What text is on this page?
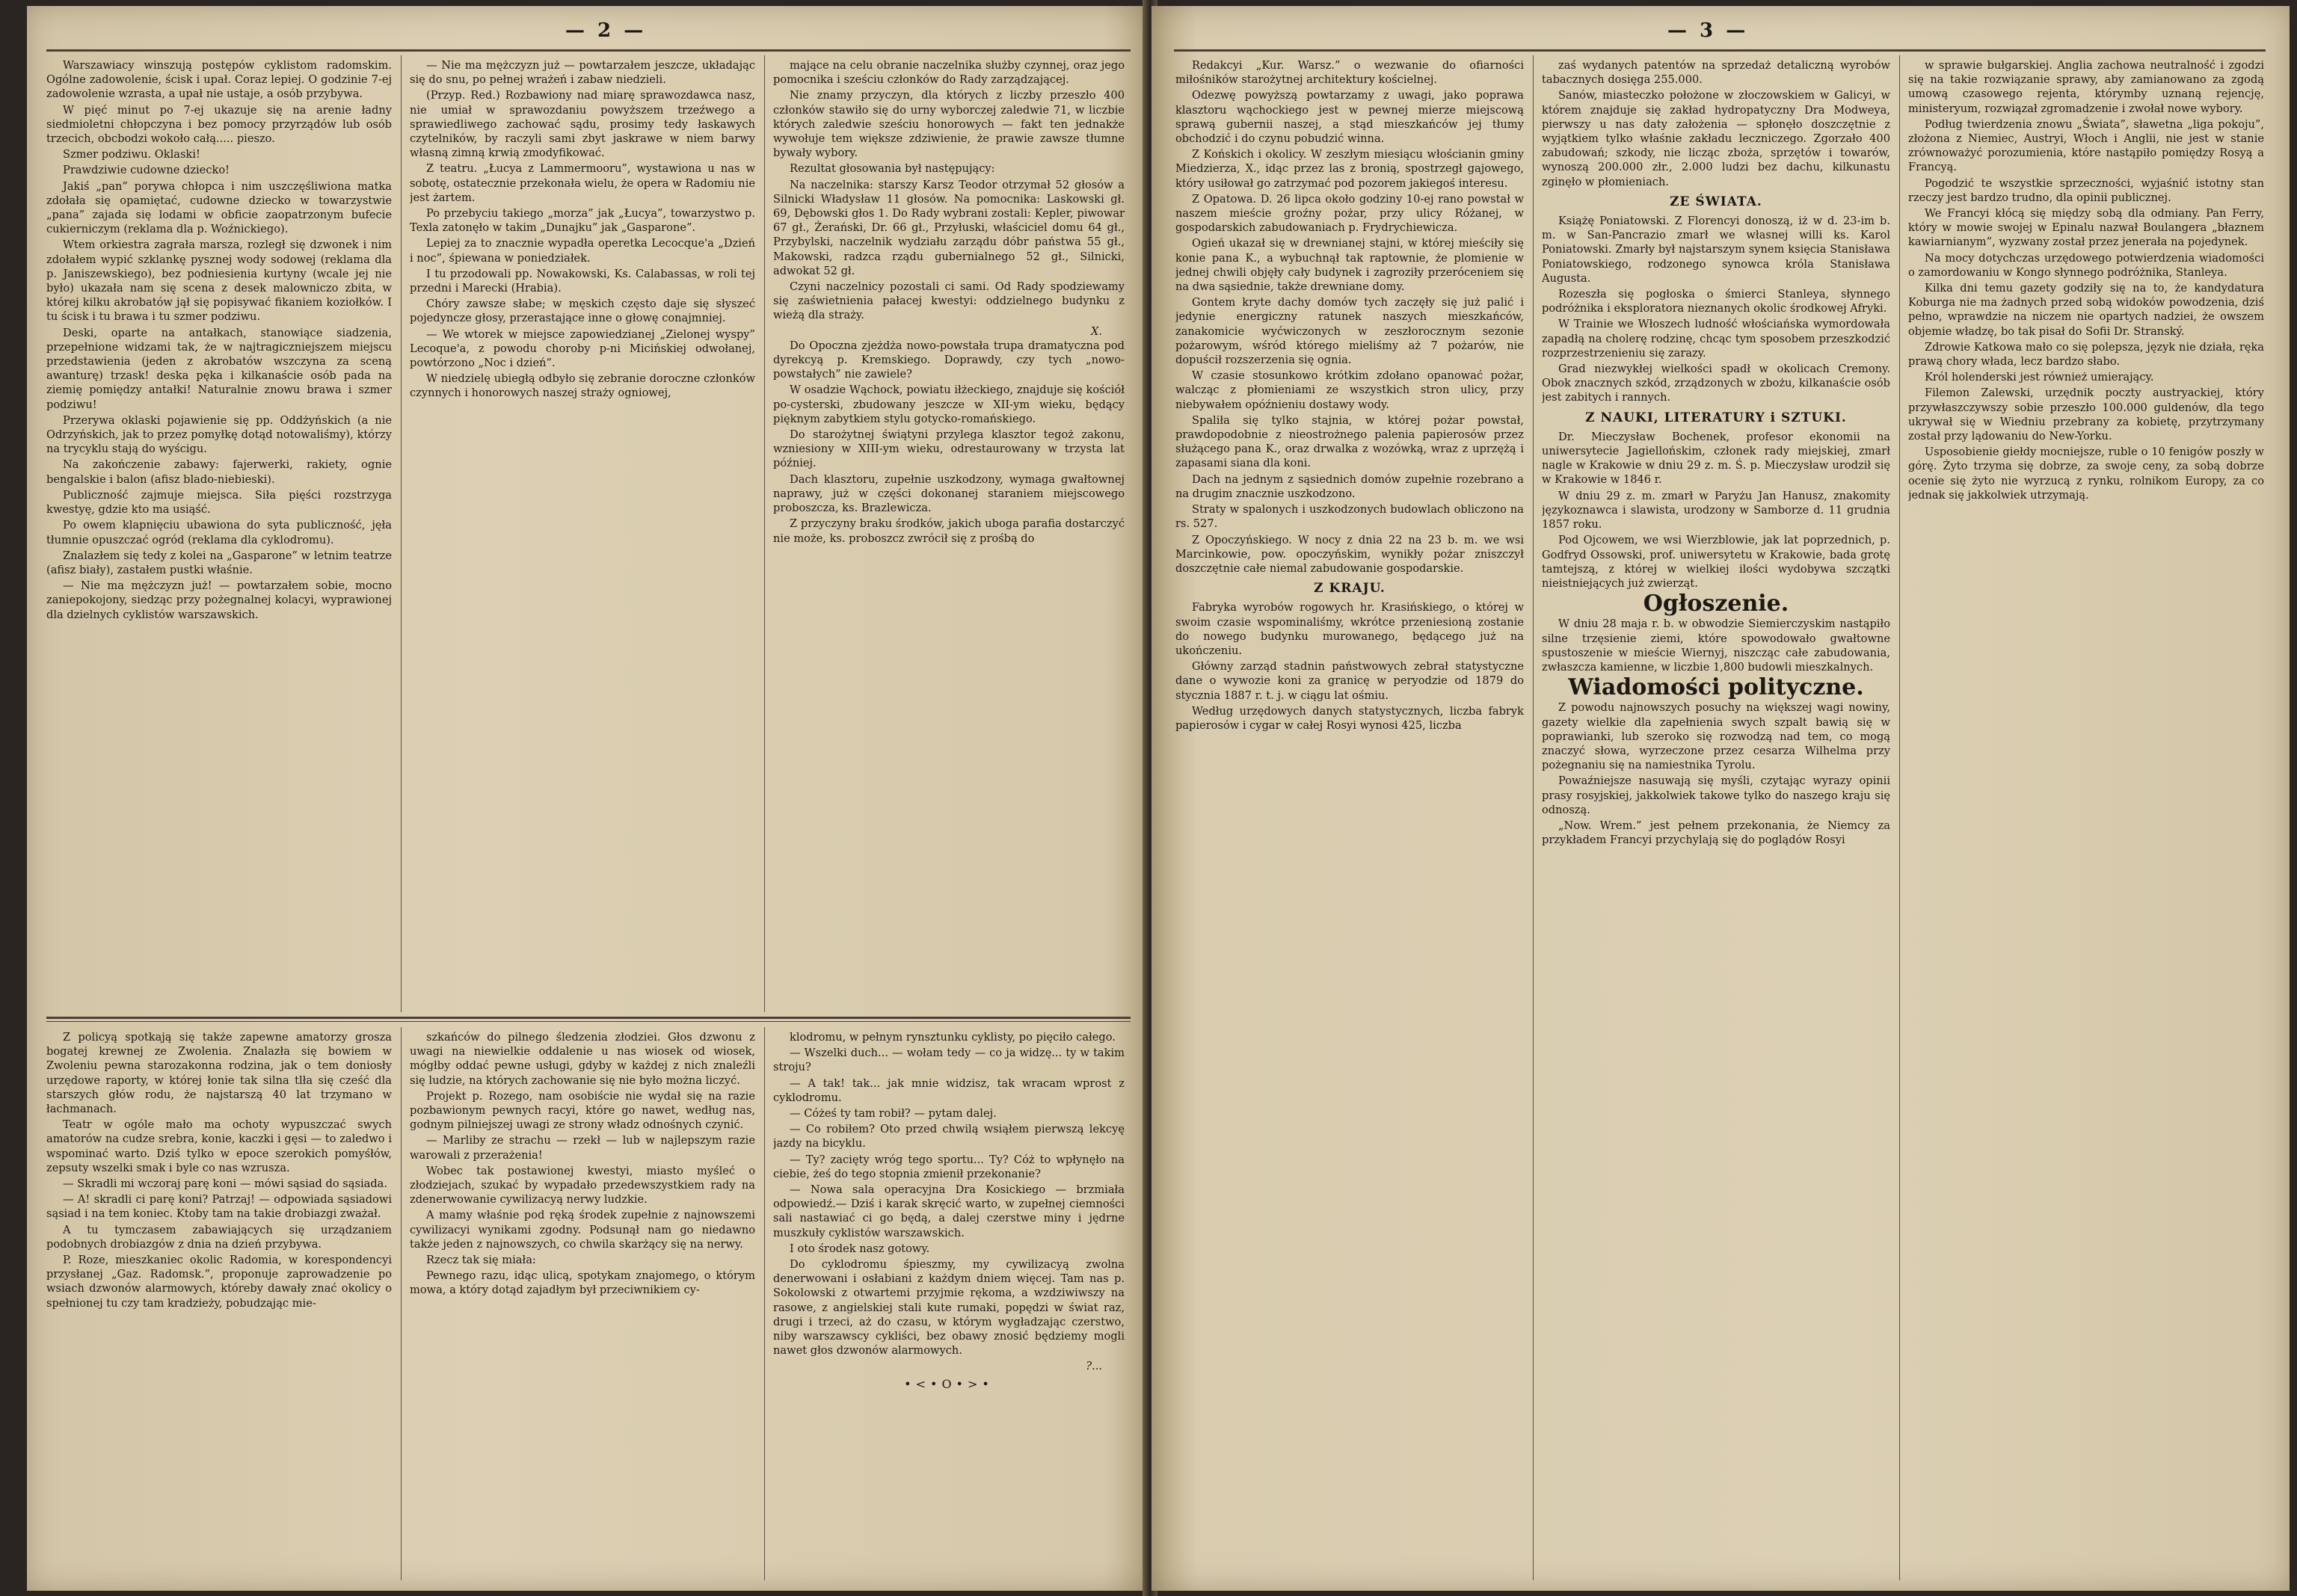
— 2 —

Warszawiacy winszują postępów cyklistom radomskim. Ogólne zadowolenie, ścisk i upał. Coraz lepiej. O godzinie 7-ej zadowolenie wzrasta, a upał nie ustaje, a osób przybywa.

W pięć minut po 7-ej ukazuje się na arenie ładny siedmioletni chłopczyna i bez pomocy przyrządów lub osób trzecich, obcbodzi wokoło całą..... pieszo.

Szmer podziwu. Oklaski!

Prawdziwie cudowne dziecko!

Jakiś „pan” porywa chłopca i nim uszczęśliwiona matka zdołała się opamiętać, cudowne dziecko w towarzystwie „pana” zajada się lodami w obficie zaopatrzonym bufecie cukierniczym (reklama dla p. Woźnickiego).

Wtem orkiestra zagrała marsza, rozległ się dzwonek i nim zdołałem wypić szklankę pysznej wody sodowej (reklama dla p. Janiszewskiego), bez podniesienia kurtyny (wcale jej nie było) ukazała nam się scena z desek malowniczo zbita, w której kilku akrobatów jął się popisywać fikaniem koziołków. I tu ścisk i tu brawa i tu szmer podziwu.

Deski, oparte na antałkach, stanowiące siadzenia, przepełnione widzami tak, że w najtragiczniejszem miejscu przedstawienia (jeden z akrobatów wszczyna za sceną awanturę) trzask! deska pęka i kilkanaście osób pada na ziemię pomiędzy antałki! Naturalnie znowu brawa i szmer podziwu!

Przerywa oklaski pojawienie się pp. Oddżyńskich (a nie Odrzyńskich, jak to przez pomyłkę dotąd notowaliśmy), którzy na trycyklu stają do wyścigu.

Na zakończenie zabawy: fajerwerki, rakiety, ognie bengalskie i balon (afisz blado-niebieski).

Publiczność zajmuje miejsca. Siła pięści rozstrzyga kwestyę, gdzie kto ma usiąść.

Po owem klapnięciu ubawiona do syta publiczność, jęła tłumnie opuszczać ogród (reklama dla cyklodromu).

Znalazłem się tedy z kolei na „Gasparone” w letnim teatrze (afisz biały), zastałem pustki właśnie.

— Nie ma mężczyzn już! — powtarzałem sobie, mocno zaniepokojony, siedząc przy pożegnalnej kolacyi, wyprawionej dla dzielnych cyklistów warszawskich.

— Nie ma mężczyzn już — powtarzałem jeszcze, układając się do snu, po pełnej wrażeń i zabaw niedzieli.

(Przyp. Red.) Rozbawiony nad miarę sprawozdawca nasz, nie umiał w sprawozdaniu powyższem trzeźwego a sprawiedliwego zachować sądu, prosimy tedy łaskawych czytelników, by raczyli sami zbyt jaskrawe w niem barwy własną zimną krwią zmodyfikować.

Z teatru. „Łucya z Lammermooru”, wystawiona u nas w sobotę, ostatecznie przekonała wielu, że opera w Radomiu nie jest żartem.

Po przebyciu takiego „morza” jak „Łucya”, towarzystwo p. Texla zatonęło w takim „Dunajku” jak „Gasparone”.

Lepiej za to znacznie wypadła operetka Lecocque'a „Dzień i noc”, śpiewana w poniedziałek.

I tu przodowali pp. Nowakowski, Ks. Calabassas, w roli tej przedni i Marecki (Hrabia).

Chóry zawsze słabe; w męskich często daje się słyszeć pojedyncze głosy, przerastające inne o głowę conajmniej.

— We wtorek w miejsce zapowiedzianej „Zielonej wyspy” Lecoque'a, z powodu choroby p-ni Micińskiej odwołanej, powtórzono „Noc i dzień”.

W niedzielę ubiegłą odbyło się zebranie doroczne członków czynnych i honorowych naszej straży ogniowej,

mające na celu obranie naczelnika służby czynnej, oraz jego pomocnika i sześciu członków do Rady zarządzającej.

Nie znamy przyczyn, dla których z liczby przeszło 400 członków stawiło się do urny wyborczej zaledwie 71, w liczbie których zaledwie sześciu honorowych — fakt ten jednakże wywołuje tem większe zdziwienie, że prawie zawsze tłumne bywały wybory.

Rezultat głosowania był następujący:

Na naczelnika: starszy Karsz Teodor otrzymał 52 głosów a Silnicki Władysław 11 głosów. Na pomocnika: Laskowski gł. 69, Dębowski głos 1. Do Rady wybrani zostali: Kepler, piwowar 67 gł., Żerański, Dr. 66 gł., Przyłuski, właściciel domu 64 gł., Przybylski, naczelnik wydziału zarządu dóbr państwa 55 gł., Makowski, radzca rządu gubernialnego 52 gł., Silnicki, adwokat 52 gł.

Czyni naczelnicy pozostali ci sami. Od Rady spodziewamy się zaświetnienia pałacej kwestyi: oddzielnego budynku z wieżą dla straży.

X.

Do Opoczna zjeżdża nowo-powstała trupa dramatyczna pod dyrekcyą p. Kremskiego. Doprawdy, czy tych „nowo-powstałych” nie zawiele?

W osadzie Wąchock, powiatu iłżeckiego, znajduje się kościół po-cysterski, zbudowany jeszcze w XII-ym wieku, będący pięknym zabytkiem stylu gotycko-romańskiego.

Do starożytnej świątyni przylega klasztor tegoż zakonu, wzniesiony w XIII-ym wieku, odrestaurowany w trzysta lat później.

Dach klasztoru, zupełnie uszkodzony, wymaga gwałtownej naprawy, już w części dokonanej staraniem miejscowego proboszcza, ks. Brazlewicza.

Z przyczyny braku środków, jakich uboga parafia dostarczyć nie może, ks. proboszcz zwrócił się z prośbą do

Z policyą spotkają się także zapewne amatorzy grosza bogatej krewnej ze Zwolenia. Znalazła się bowiem w Zwoleniu pewna starozakonna rodzina, jak o tem doniosły urzędowe raporty, w której łonie tak silna tlła się cześć dla starszych głów rodu, że najstarszą 40 lat trzymano w łachmanach.

Teatr w ogóle mało ma ochoty wypuszczać swych amatorów na cudze srebra, konie, kaczki i gęsi — to zaledwo i wspominać warto. Dziś tylko w epoce szerokich pomyśłów, zepsuty wszelki smak i byle co nas wzrusza.

— Skradli mi wczoraj parę koni — mówi sąsiad do sąsiada.

— A! skradli ci parę koni? Patrzaj! — odpowiada sąsiadowi sąsiad i na tem koniec. Ktoby tam na takie drobiazgi zważał.

A tu tymczasem zabawiających się urządzaniem podobnych drobiazgów z dnia na dzień przybywa.

P. Roze, mieszkaniec okolic Radomia, w korespondencyi przysłanej „Gaz. Radomsk.”, proponuje zaprowadzenie po wsiach dzwonów alarmowych, któreby dawały znać okolicy o spełnionej tu czy tam kradzieży, pobudzając mie-

szkańców do pilnego śledzenia złodziei. Głos dzwonu z uwagi na niewielkie oddalenie u nas wiosek od wiosek, mógłby oddać pewne usługi, gdyby w każdej z nich znaleźli się ludzie, na których zachowanie się nie było można liczyć.

Projekt p. Rozego, nam osobiście nie wydał się na razie pozbawionym pewnych racyi, które go nawet, według nas, godnym pilniejszej uwagi ze strony władz odnośnych czynić.

— Marliby ze strachu — rzekł — lub w najlepszym razie warowali z przerażenia!

Wobec tak postawionej kwestyi, miasto myśleć o złodziejach, szukać by wypadało przedewszystkiem rady na zdenerwowanie cywilizacyą nerwy ludzkie.

A mamy właśnie pod ręką środek zupełnie z najnowszemi cywilizacyi wynikami zgodny. Podsunął nam go niedawno także jeden z najnowszych, co chwila skarżący się na nerwy.

Rzecz tak się miała:

Pewnego razu, idąc ulicą, spotykam znajomego, o którym mowa, a który dotąd zajadłym był przeciwnikiem cy-

klodromu, w pełnym rynsztunku cyklisty, po pięciło całego.

— Wszelki duch... — wołam tedy — co ja widzę... ty w takim stroju?

— A tak! tak... jak mnie widzisz, tak wracam wprost z cyklodromu.

— Cóżeś ty tam robił? — pytam dalej.

— Co robiłem? Oto przed chwilą wsiąłem pierwszą lekcyę jazdy na bicyklu.

— Ty? zacięty wróg tego sportu... Ty? Cóż to wpłynęło na ciebie, żeś do tego stopnia zmienił przekonanie?

— Nowa sala operacyjna Dra Kosickiego — brzmiała odpowiedź.— Dziś i karak skręcić warto, w zupełnej ciemności sali nastawiać ci go będą, a dalej czerstwe miny i jędrne muszkuły cyklistów warszawskich.

I oto środek nasz gotowy.

Do cyklodromu śpieszmy, my cywilizacyą zwolna denerwowani i osłabiani z każdym dniem więcej. Tam nas p. Sokolowski z otwartemi przyjmie rękoma, a wzdziwiwszy na rasowe, z angielskiej stali kute rumaki, popędzi w świat raz, drugi i trzeci, aż do czasu, w którym wygładzając czerstwo, niby warszawscy cykliści, bez obawy znosić będziemy mogli nawet głos dzwonów alarmowych.

?...
•<•O•>•
— 3 —

Redakcyi „Kur. Warsz.” o wezwanie do ofiarności miłośników starożytnej architektury kościelnej.

Odezwę powyższą powtarzamy z uwagi, jako poprawa klasztoru wąchockiego jest w pewnej mierze miejscową sprawą gubernii naszej, a stąd mieszkańców jej tłumy obchodzić i do czynu pobudzić winna.

Z Końskich i okolicy. W zeszłym miesiącu włościanin gminy Miedzierza, X., idąc przez las z bronią, spostrzegł gajowego, który usiłował go zatrzymać pod pozorem jakiegoś interesu.

Z Opatowa. D. 26 lipca około godziny 10-ej rano powstał w naszem mieście groźny pożar, przy ulicy Różanej, w gospodarskich zabudowaniach p. Frydrychiewicza.

Ogień ukazał się w drewnianej stajni, w której mieściły się konie pana K., a wybuchnął tak raptownie, że plomienie w jednej chwili objęły cały budynek i zagroziły przeróceniem się na dwa sąsiednie, także drewniane domy.

Gontem kryte dachy domów tych zaczęły się już palić i jedynie energiczny ratunek naszych mieszkańców, zanakomicie wyćwiczonych w zeszłorocznym sezonie pożarowym, wśród którego mieliśmy aż 7 pożarów, nie dopuścił rozszerzenia się ognia.

W czasie stosunkowo krótkim zdołano opanować pożar, walcząc z płomieniami ze wszystkich stron ulicy, przy niebywałem opóźnieniu dostawy wody.

Spaliła się tylko stajnia, w której pożar powstał, prawdopodobnie z nieostrożnego palenia papierosów przez służącego pana K., oraz drwalka z wozówką, wraz z uprzężą i zapasami siana dla koni.

Dach na jednym z sąsiednich domów zupełnie rozebrano a na drugim znacznie uszkodzono.

Straty w spalonych i uszkodzonych budowlach obliczono na rs. 527.

Z Opoczyńskiego. W nocy z dnia 22 na 23 b. m. we wsi Marcinkowie, pow. opoczyńskim, wynikły pożar zniszczył doszczętnie całe niemal zabudowanie gospodarskie.

Z KRAJU.

Fabryka wyrobów rogowych hr. Krasińskiego, o której w swoim czasie wspominaliśmy, wkrótce przeniesioną zostanie do nowego budynku murowanego, będącego już na ukończeniu.

Główny zarząd stadnin państwowych zebrał statystyczne dane o wywozie koni za granicę w peryodzie od 1879 do stycznia 1887 r. t. j. w ciągu lat ośmiu.

Według urzędowych danych statystycznych, liczba fabryk papierosów i cygar w całej Rosyi wynosi 425, liczba

zaś wydanych patentów na sprzedaż detaliczną wyrobów tabacznych dosięga 255.000.

Sanów, miasteczko położone w złoczowskiem w Galicyi, w którem znajduje się zakład hydropatyczny Dra Modweya, pierwszy u nas daty założenia — spłonęło doszczętnie z wyjątkiem tylko właśnie zakładu leczniczego. Zgorzało 400 zabudowań; szkody, nie licząc zboża, sprzętów i towarów, wynoszą 200.000 złr., 2.000 ludzi bez dachu, kilkunastu zginęło w płomieniach.

ZE ŚWIATA.

Książę Poniatowski. Z Florencyi donoszą, iż w d. 23-im b. m. w San-Pancrazio zmarł we własnej willi ks. Karol Poniatowski. Zmarły był najstarszym synem księcia Stanisława Poniatowskiego, rodzonego synowca króla Stanisława Augusta.

Rozeszła się pogłoska o śmierci Stanleya, słynnego podróżnika i eksploratora nieznanych okolic środkowej Afryki.

W Trainie we Włoszech ludność włościańska wymordowała zapadłą na cholerę rodzinę, chcąc tym sposobem przeszkodzić rozprzestrzenieniu się zarazy.

Grad niezwykłej wielkości spadł w okolicach Cremony. Obok znacznych szkód, zrządzonych w zbożu, kilkanaście osób jest zabitych i rannych.

Z NAUKI, LITERATURY i SZTUKI.

Dr. Mieczysław Bochenek, profesor ekonomii na uniwersytecie Jagiellońskim, członek rady miejskiej, zmarł nagle w Krakowie w dniu 29 z. m. Ś. p. Mieczysław urodził się w Krakowie w 1846 r.

W dniu 29 z. m. zmarł w Paryżu Jan Hanusz, znakomity językoznawca i slawista, urodzony w Samborze d. 11 grudnia 1857 roku.

Pod Ojcowem, we wsi Wierzblowie, jak lat poprzednich, p. Godfryd Ossowski, prof. uniwersytetu w Krakowie, bada grotę tamtejszą, z której w wielkiej ilości wydobywa szczątki nieistniejących już zwierząt.

Ogłoszenie.

W dniu 28 maja r. b. w obwodzie Siemierczyskim nastąpiło silne trzęsienie ziemi, które spowodowało gwałtowne spustoszenie w mieście Wiernyj, niszcząc całe zabudowania, zwłaszcza kamienne, w liczbie 1,800 budowli mieszkalnych.

Wiadomości polityczne.

Z powodu najnowszych posuchy na większej wagi nowiny, gazety wielkie dla zapełnienia swych szpalt bawią się w poprawianki, lub szeroko się rozwodzą nad tem, co mogą znaczyć słowa, wyrzeczone przez cesarza Wilhelma przy pożegnaniu się na namiestnika Tyrolu.

Powaźniejsze nasuwają się myśli, czytając wyrazy opinii prasy rosyjskiej, jakkolwiek takowe tylko do naszego kraju się odnoszą.

„Now. Wrem.” jest pełnem przekonania, że Niemcy za przykładem Francyi przychylają się do poglądów Rosyi

w sprawie bułgarskiej. Anglia zachowa neutralność i zgodzi się na takie rozwiązanie sprawy, aby zamianowano za zgodą umową czasowego rejenta, którymby uznaną rejencję, ministeryum, rozwiązał zgromadzenie i zwołał nowe wybory.

Podług twierdzenia znowu „Świata”, sławetna „liga pokoju”, złożona z Niemiec, Austryi, Włoch i Anglii, nie jest w stanie zrównoważyć porozumienia, które nastąpiło pomiędzy Rosyą a Francyą.

Pogodzić te wszystkie sprzeczności, wyjaśnić istotny stan rzeczy jest bardzo trudno, dla opinii publicznej.

We Francyi kłócą się między sobą dla odmiany. Pan Ferry, który w mowie swojej w Epinalu nazwał Boulangera „błaznem kawiarnianym”, wyzwany został przez jenerała na pojedynek.

Na mocy dotychczas urzędowego potwierdzenia wiadomości o zamordowaniu w Kongo słynnego podróżnika, Stanleya.

Kilka dni temu gazety godziły się na to, że kandydatura Koburga nie ma żadnych przed sobą widoków powodzenia, dziś pełno, wprawdzie na niczem nie opartych nadziei, że owszem objemie władzę, bo tak pisał do Sofii Dr. Stranský.

Zdrowie Katkowa mało co się polepsza, język nie działa, ręka prawą chory włada, lecz bardzo słabo.

Król holenderski jest również umierający.

Filemon Zalewski, urzędnik poczty austryackiej, który przywłaszczywszy sobie przeszło 100.000 guldenów, dla tego ukrywał się w Wiedniu przebrany za kobietę, przytrzymany został przy lądowaniu do New-Yorku.

Usposobienie giełdy mocniejsze, ruble o 10 fenigów poszły w górę. Żyto trzyma się dobrze, za swoje ceny, za sobą dobrze ocenie się żyto nie wyrzucą z rynku, rolnikom Europy, za co jednak się jakkolwiek utrzymają.
